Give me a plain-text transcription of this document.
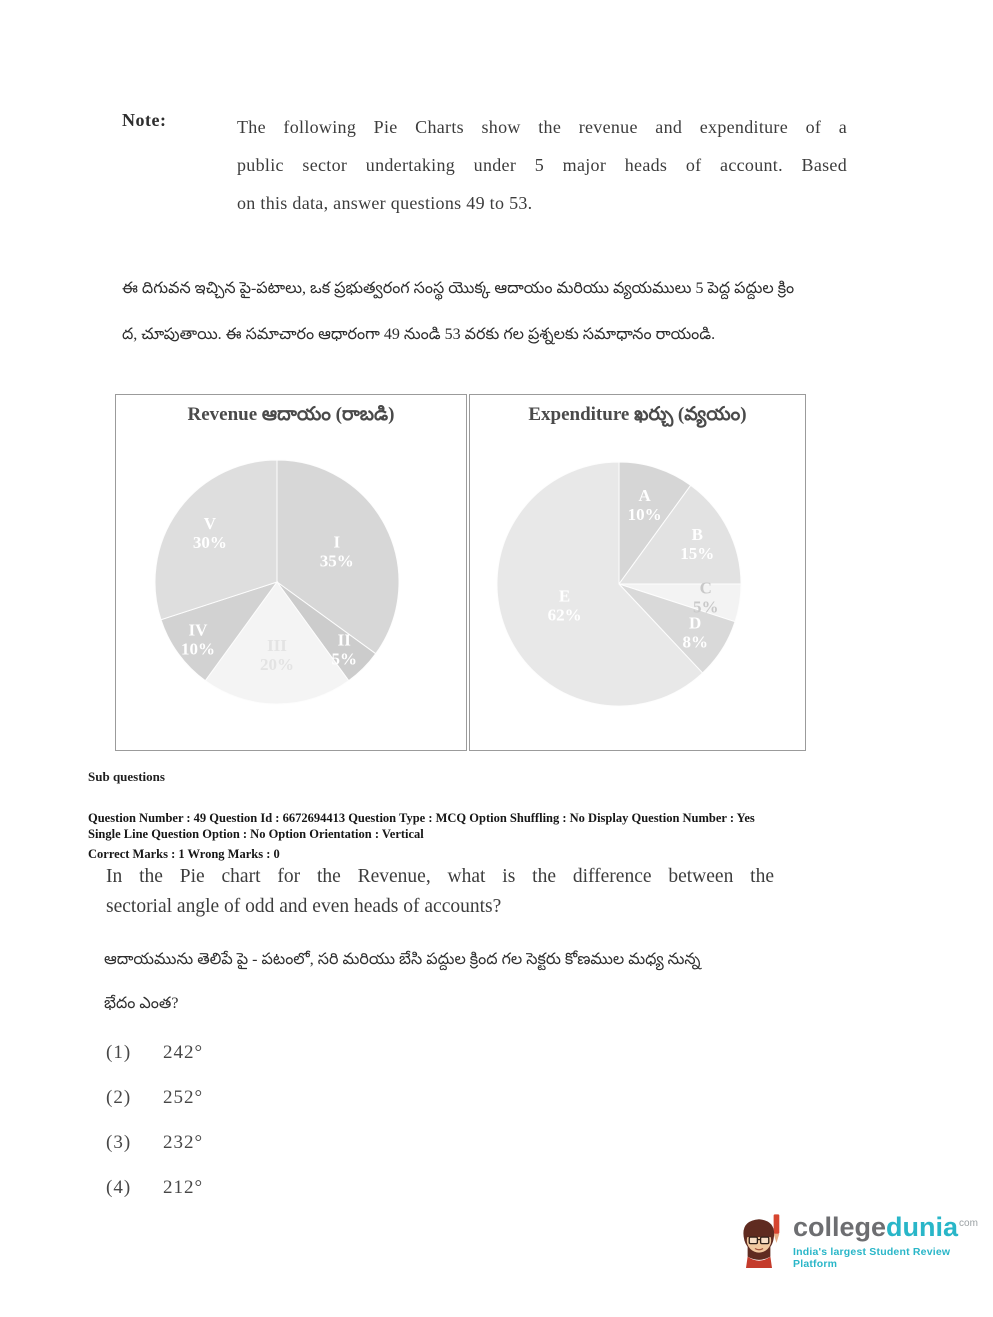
Note:	The following Pie Charts show the revenue and expenditure of a
public sector undertaking under 5 major heads of account. Based
on this data, answer questions 49 to 53.
ఈ దిగువన ఇచ్చిన పై-పటాలు, ఒక ప్రభుత్వరంగ సంస్థ యొక్క ఆదాయం మరియు వ్యయములు 5 పెద్ద పద్దుల క్రిం
ద, చూపుతాయి. ఈ సమాచారం ఆధారంగా 49 నుండి 53 వరకు గల ప్రశ్నలకు సమాధానం రాయండి.
Revenue ఆదాయం (రాబడి)
I 35%
II 5%
III 20%
IV 10%
V 30%
Expenditure ఖర్చు (వ్యయం)
A 10%
B 15%
C 5%
D 8%
E 62%
Sub questions
Question Number : 49 Question Id : 6672694413 Question Type : MCQ Option Shuffling : No Display Question Number : Yes
Single Line Question Option : No Option Orientation : Vertical
Correct Marks : 1 Wrong Marks : 0
In the Pie chart for the Revenue, what is the difference between the
sectorial angle of odd and even heads of accounts?
ఆదాయమును తెలిపే పై - పటంలో, సరి మరియు బేసి పద్దుల క్రింద గల సెక్టరు కోణముల మధ్య నున్న
భేదం ఎంత?
(1)	242°
(2)	252°
(3)	232°
(4)	212°
collegedunia$^{com}$
India's largest Student Review Platform
